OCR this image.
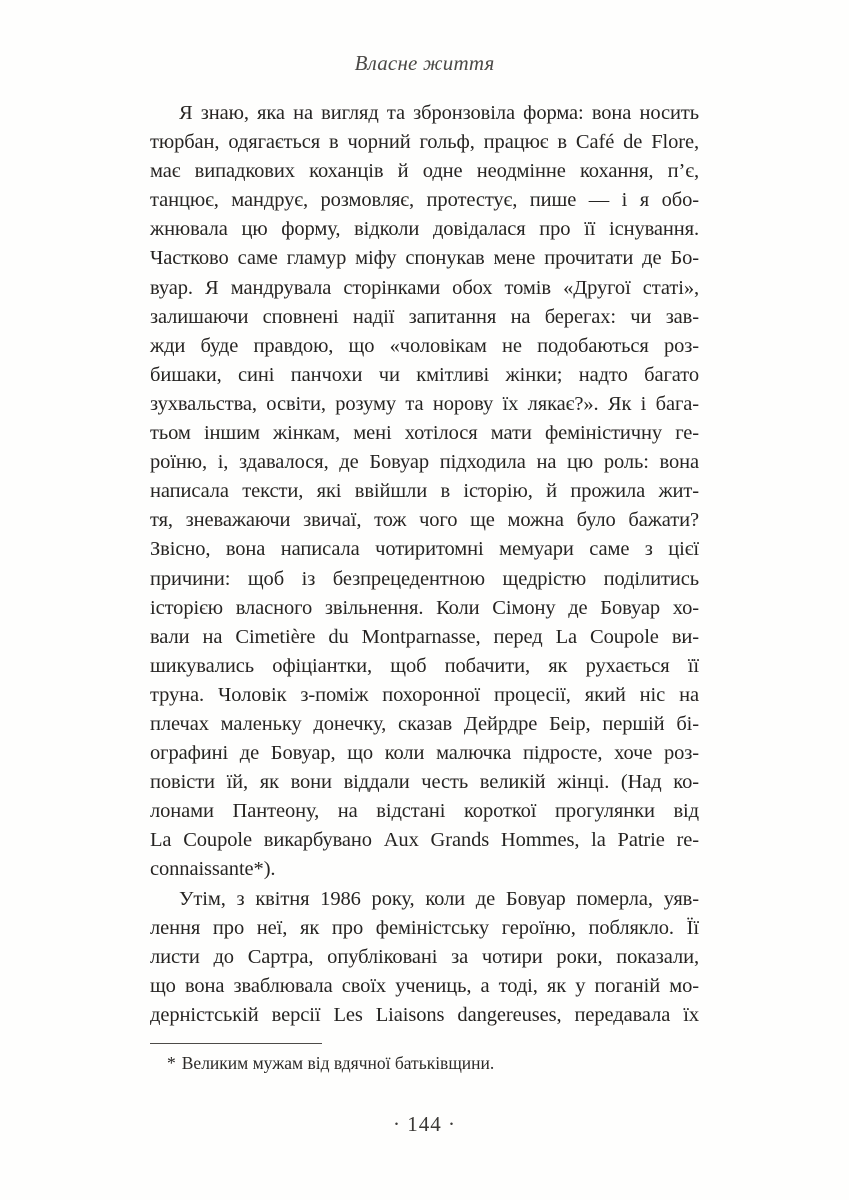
Власне життя
Я знаю, яка на вигляд та збронзовіла форма: вона носить
тюрбан, одягається в чорний гольф, працює в Café de Flore,
має випадкових коханців й одне неодмінне кохання, п’є,
танцює, мандрує, розмовляє, протестує, пише — і я обо-
жнювала цю форму, відколи довідалася про її існування.
Частково саме гламур міфу спонукав мене прочитати де Бо-
вуар. Я мандрувала сторінками обох томів «Другої статі»,
залишаючи сповнені надії запитання на берегах: чи зав-
жди буде правдою, що «чоловікам не подобаються роз-
бишаки, сині панчохи чи кмітливі жінки; надто багато
зухвальства, освіти, розуму та норову їх лякає?». Як і бага-
тьом іншим жінкам, мені хотілося мати феміністичну ге-
роїню, і, здавалося, де Бовуар підходила на цю роль: вона
написала тексти, які ввійшли в історію, й прожила жит-
тя, зневажаючи звичаї, тож чого ще можна було бажати?
Звісно, вона написала чотиритомні мемуари саме з цієї
причини: щоб із безпрецедентною щедрістю поділитись
історією власного звільнення. Коли Сімону де Бовуар хо-
вали на Cimetière du Montparnasse, перед La Coupole ви-
шикувались офіціантки, щоб побачити, як рухається її
труна. Чоловік з-поміж похоронної процесії, який ніс на
плечах маленьку донечку, сказав Дейрдре Беір, першій бі-
ографині де Бовуар, що коли малючка підросте, хоче роз-
повісти їй, як вони віддали честь великій жінці. (Над ко-
лонами Пантеону, на відстані короткої прогулянки від
La Coupole викарбувано Aux Grands Hommes, la Patrie re-
connaissante*).
Утім, з квітня 1986 року, коли де Бовуар померла, уяв-
лення про неї, як про феміністську героїню, поблякло. Її
листи до Сартра, опубліковані за чотири роки, показали,
що вона зваблювала своїх учениць, а тоді, як у поганій мо-
дерністській версії Les Liaisons dangereuses, передавала їх

* Великим мужам від вдячної батьківщини.

· 144 ·
